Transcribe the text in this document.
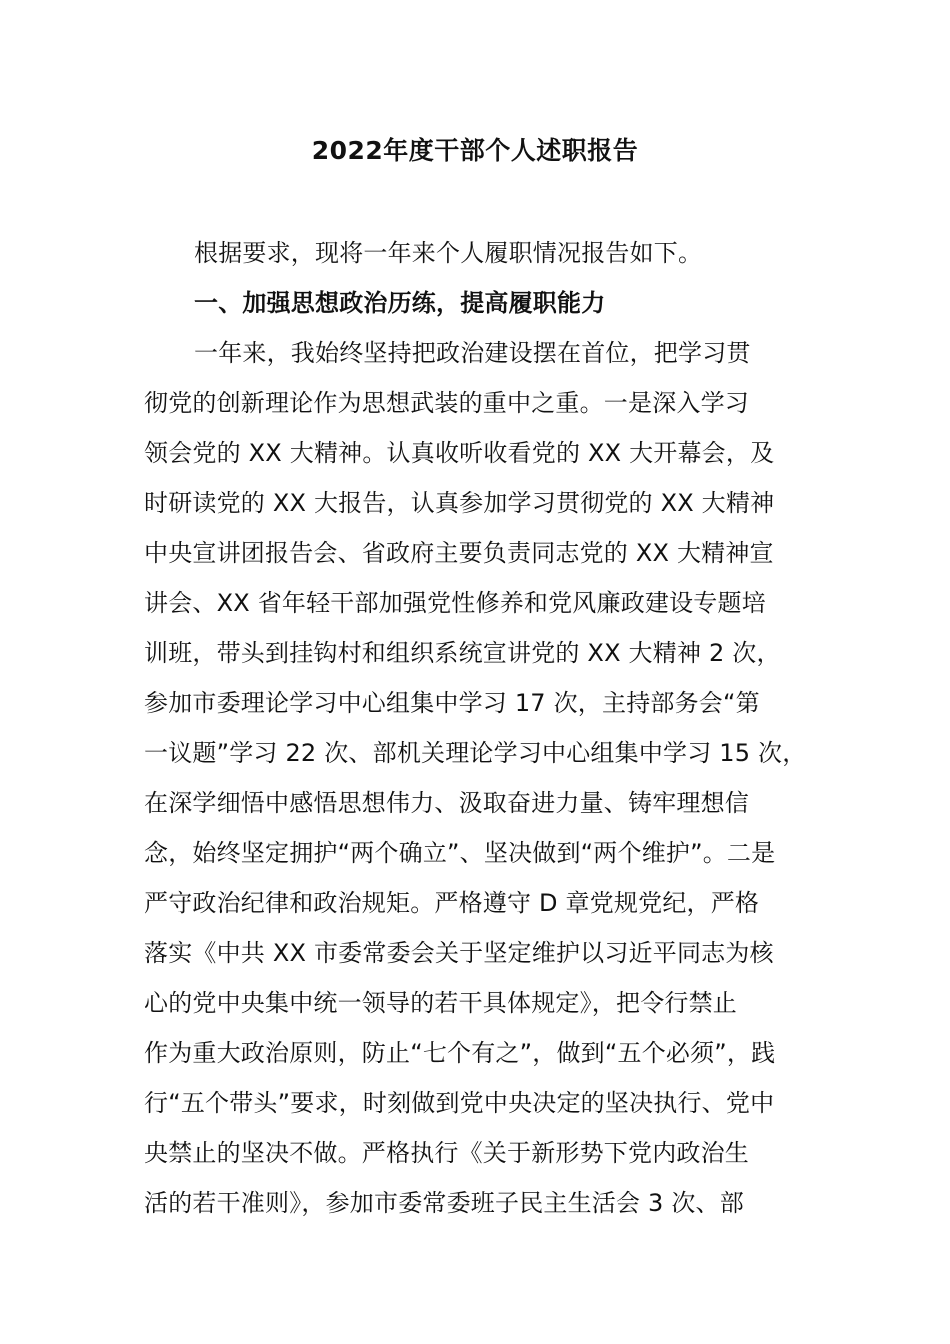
2022年度干部个人述职报告
根据要求，现将一年来个人履职情况报告如下。
一、加强思想政治历练，提高履职能力
一年来，我始终坚持把政治建设摆在首位，把学习贯
彻党的创新理论作为思想武装的重中之重。一是深入学习
领会党的 XX 大精神。认真收听收看党的 XX 大开幕会，及
时研读党的 XX 大报告，认真参加学习贯彻党的 XX 大精神
中央宣讲团报告会、省政府主要负责同志党的 XX 大精神宣
讲会、XX 省年轻干部加强党性修养和党风廉政建设专题培
训班，带头到挂钩村和组织系统宣讲党的 XX 大精神 2 次，
参加市委理论学习中心组集中学习 17 次，主持部务会“第
一议题”学习 22 次、部机关理论学习中心组集中学习 15 次，
在深学细悟中感悟思想伟力、汲取奋进力量、铸牢理想信
念，始终坚定拥护“两个确立”、坚决做到“两个维护”。二是
严守政治纪律和政治规矩。严格遵守 D 章党规党纪，严格
落实《中共 XX 市委常委会关于坚定维护以习近平同志为核
心的党中央集中统一领导的若干具体规定》，把令行禁止
作为重大政治原则，防止“七个有之”，做到“五个必须”，践
行“五个带头”要求，时刻做到党中央决定的坚决执行、党中
央禁止的坚决不做。严格执行《关于新形势下党内政治生
活的若干准则》，参加市委常委班子民主生活会 3 次、部
